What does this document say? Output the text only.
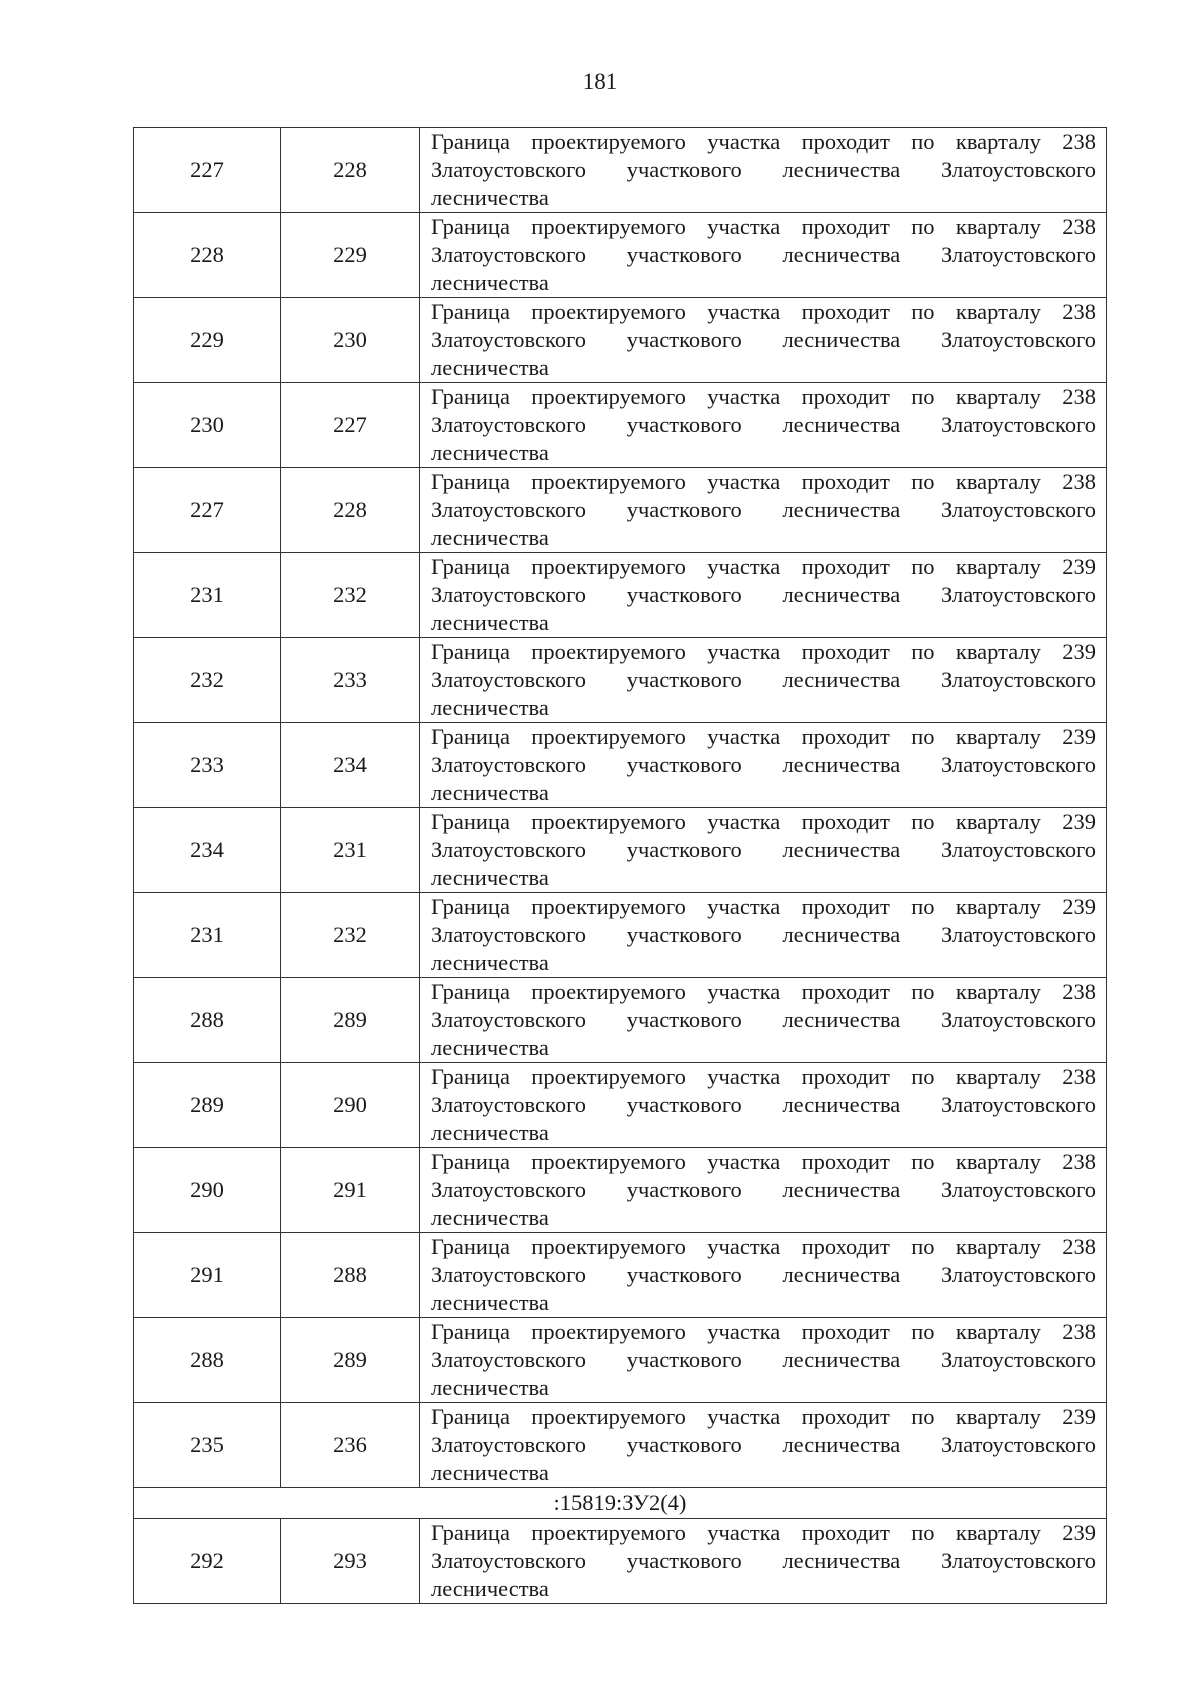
181
227	228	Граница проектируемого участка проходит по кварталу 238 Златоустовского участкового лесничества Златоустовского лесничества
228	229	Граница проектируемого участка проходит по кварталу 238 Златоустовского участкового лесничества Златоустовского лесничества
229	230	Граница проектируемого участка проходит по кварталу 238 Златоустовского участкового лесничества Златоустовского лесничества
230	227	Граница проектируемого участка проходит по кварталу 238 Златоустовского участкового лесничества Златоустовского лесничества
227	228	Граница проектируемого участка проходит по кварталу 238 Златоустовского участкового лесничества Златоустовского лесничества
231	232	Граница проектируемого участка проходит по кварталу 239 Златоустовского участкового лесничества Златоустовского лесничества
232	233	Граница проектируемого участка проходит по кварталу 239 Златоустовского участкового лесничества Златоустовского лесничества
233	234	Граница проектируемого участка проходит по кварталу 239 Златоустовского участкового лесничества Златоустовского лесничества
234	231	Граница проектируемого участка проходит по кварталу 239 Златоустовского участкового лесничества Златоустовского лесничества
231	232	Граница проектируемого участка проходит по кварталу 239 Златоустовского участкового лесничества Златоустовского лесничества
288	289	Граница проектируемого участка проходит по кварталу 238 Златоустовского участкового лесничества Златоустовского лесничества
289	290	Граница проектируемого участка проходит по кварталу 238 Златоустовского участкового лесничества Златоустовского лесничества
290	291	Граница проектируемого участка проходит по кварталу 238 Златоустовского участкового лесничества Златоустовского лесничества
291	288	Граница проектируемого участка проходит по кварталу 238 Златоустовского участкового лесничества Златоустовского лесничества
288	289	Граница проектируемого участка проходит по кварталу 238 Златоустовского участкового лесничества Златоустовского лесничества
235	236	Граница проектируемого участка проходит по кварталу 239 Златоустовского участкового лесничества Златоустовского лесничества
:15819:ЗУ2(4)		
292	293	Граница проектируемого участка проходит по кварталу 239 Златоустовского участкового лесничества Златоустовского лесничества
